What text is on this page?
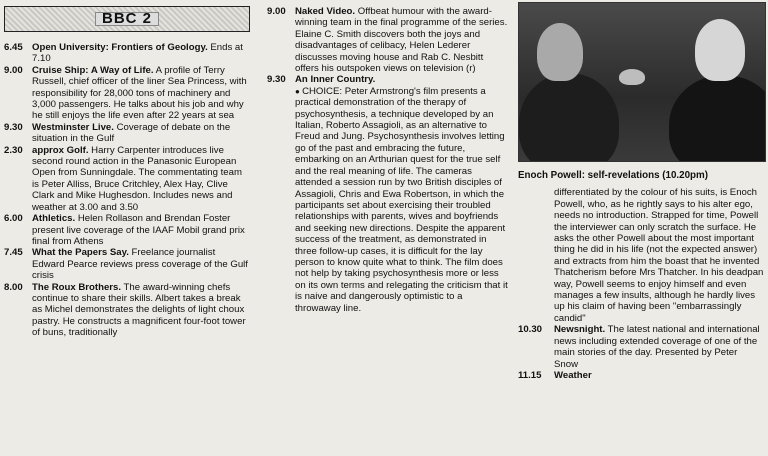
BBC 2
6.45 Open University: Frontiers of Geology. Ends at 7.10
9.00 Cruise Ship: A Way of Life. A profile of Terry Russell, chief officer of the liner Sea Princess, with responsibility for 28,000 tons of machinery and 3,000 passengers. He talks about his job and why he still enjoys the life even after 22 years at sea
9.30 Westminster Live. Coverage of debate on the situation in the Gulf
2.30 approx Golf. Harry Carpenter introduces live second round action in the Panasonic European Open from Sunningdale. The commentating team is Peter Alliss, Bruce Critchley, Alex Hay, Clive Clark and Mike Hughesdon. Includes news and weather at 3.00 and 3.50
6.00 Athletics. Helen Rollason and Brendan Foster present live coverage of the IAAF Mobil grand prix final from Athens
7.45 What the Papers Say. Freelance journalist Edward Pearce reviews press coverage of the Gulf crisis
8.00 The Roux Brothers. The award-winning chefs continue to share their skills. Albert takes a break as Michel demonstrates the delights of light choux pastry. He constructs a magnificent four-foot tower of buns, traditionally
9.00 Naked Video. Offbeat humour with the award-winning team in the final programme of the series. Elaine C. Smith discovers both the joys and disadvantages of celibacy, Helen Lederer discusses moving house and Rab C. Nesbitt offers his outspoken views on television (r)
9.30 An Inner Country.
● CHOICE: Peter Armstrong's film presents a practical demonstration of the therapy of psychosynthesis, a technique developed by an Italian, Roberto Assagioli, as an alternative to Freud and Jung. Psychosynthesis involves letting go of the past and embracing the future, embarking on an Arthurian quest for the true self and the real meaning of life. The cameras attended a session run by two British disciples of Assagioli, Chris and Ewa Robertson, in which the participants set about exercising their troubled relationships with parents, wives and boyfriends and seeking new directions. Despite the apparent success of the treatment, as demonstrated in three follow-up cases, it is difficult for the lay person to know quite what to think. The film does not help by taking psychosynthesis more or less on its own terms and relegating the criticism that it is naive and dangerously optimistic to a throwaway line.
Enoch Powell: self-revelations (10.20pm)
differentiated by the colour of his suits, is Enoch Powell, who, as he rightly says to his alter ego, needs no introduction. Strapped for time, Powell the interviewer can only scratch the surface. He asks the other Powell about the most important thing he did in his life (not the expected answer) and extracts from him the boast that he invented Thatcherism before Mrs Thatcher. In his deadpan way, Powell seems to enjoy himself and even manages a few insults, although he hardly lives up his claim of having been "embarrassingly candid"
10.30	Newsnight. The latest national and international news including extended coverage of one of the main stories of the day. Presented by Peter Snow
11.15	Weather
